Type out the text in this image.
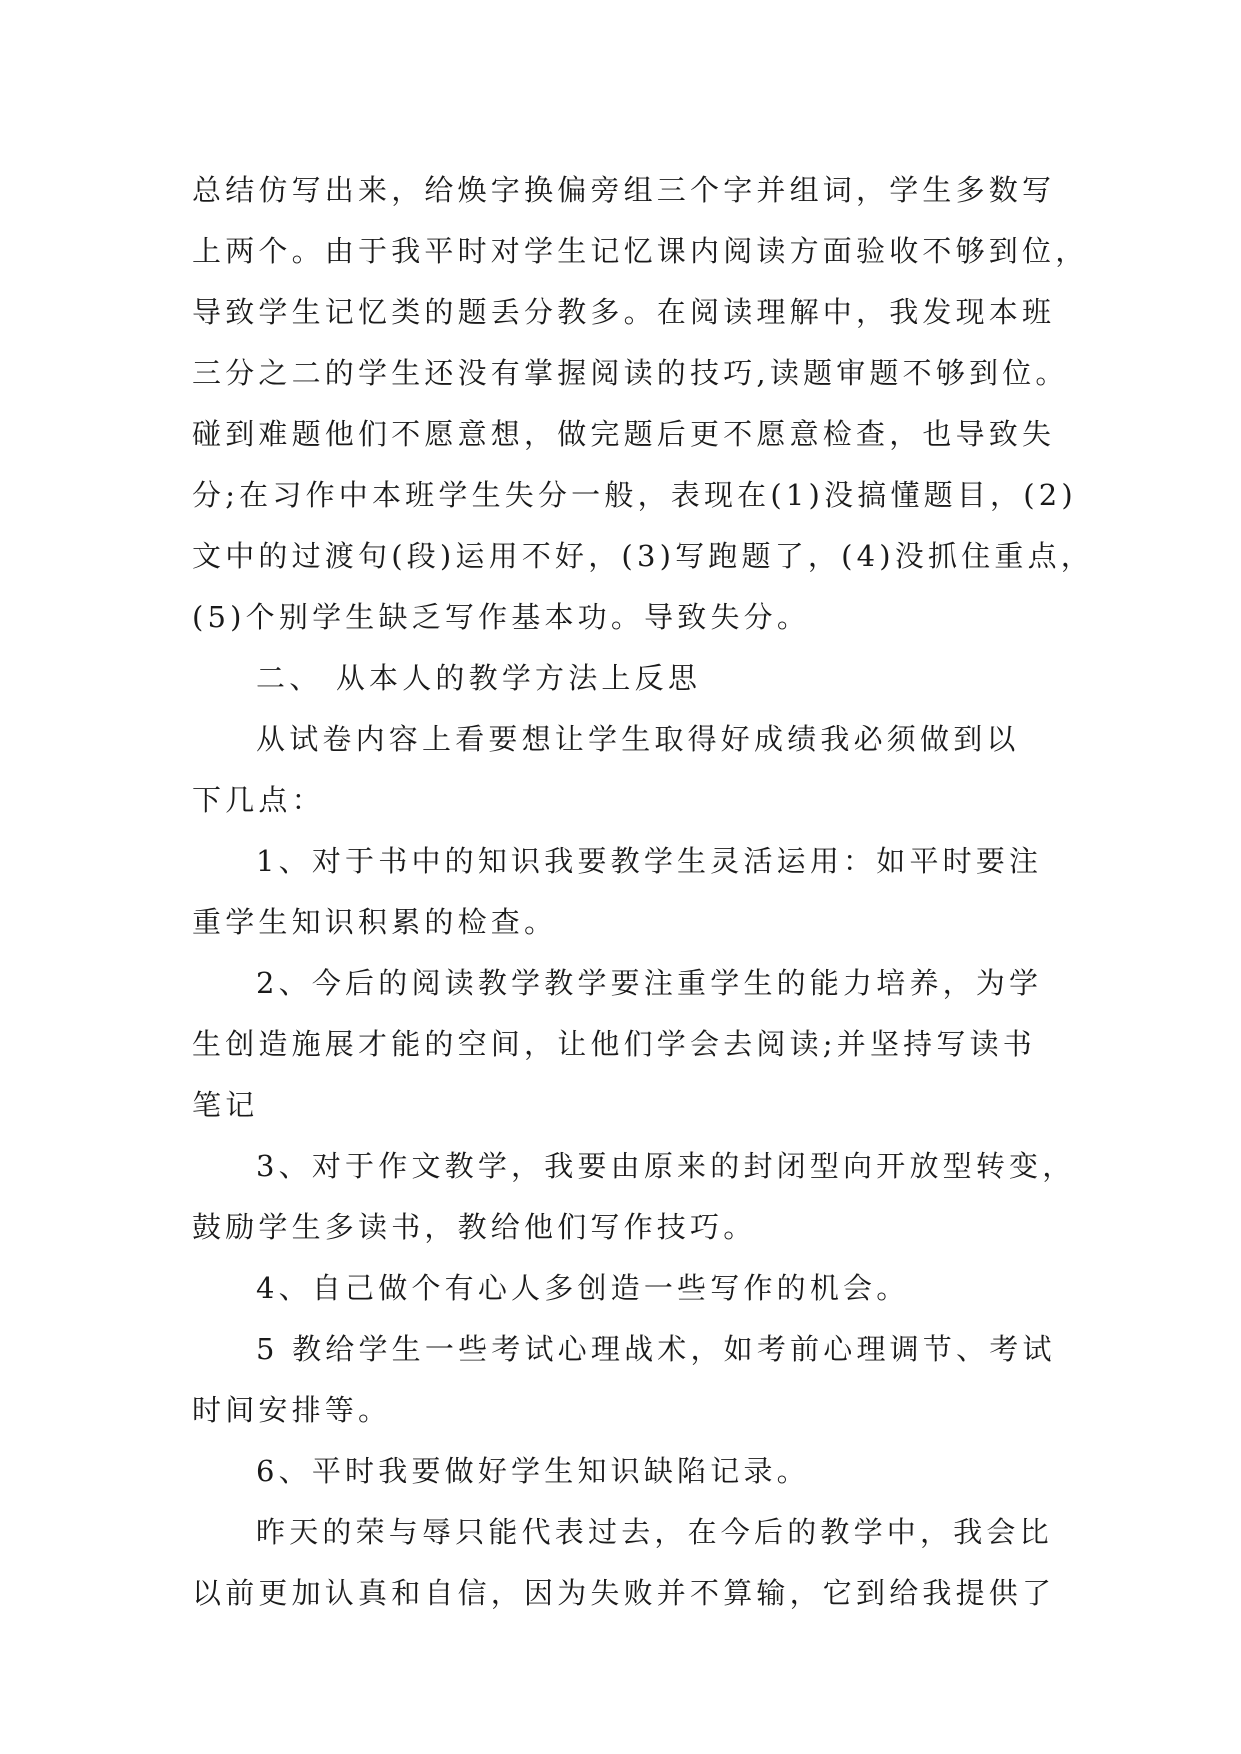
总结仿写出来，给焕字换偏旁组三个字并组词，学生多数写
上两个。由于我平时对学生记忆课内阅读方面验收不够到位，
导致学生记忆类的题丢分教多。在阅读理解中，我发现本班
三分之二的学生还没有掌握阅读的技巧,读题审题不够到位。
碰到难题他们不愿意想，做完题后更不愿意检查，也导致失
分;在习作中本班学生失分一般，表现在(1)没搞懂题目，(2)
文中的过渡句(段)运用不好，(3)写跑题了，(4)没抓住重点，
(5)个别学生缺乏写作基本功。导致失分。
二、 从本人的教学方法上反思
从试卷内容上看要想让学生取得好成绩我必须做到以
下几点：
1、对于书中的知识我要教学生灵活运用：如平时要注
重学生知识积累的检查。
2、今后的阅读教学教学要注重学生的能力培养，为学
生创造施展才能的空间，让他们学会去阅读;并坚持写读书
笔记
3、对于作文教学，我要由原来的封闭型向开放型转变，
鼓励学生多读书，教给他们写作技巧。
4、自己做个有心人多创造一些写作的机会。
5 教给学生一些考试心理战术，如考前心理调节、考试
时间安排等。
6、平时我要做好学生知识缺陷记录。
昨天的荣与辱只能代表过去，在今后的教学中，我会比
以前更加认真和自信，因为失败并不算输，它到给我提供了
